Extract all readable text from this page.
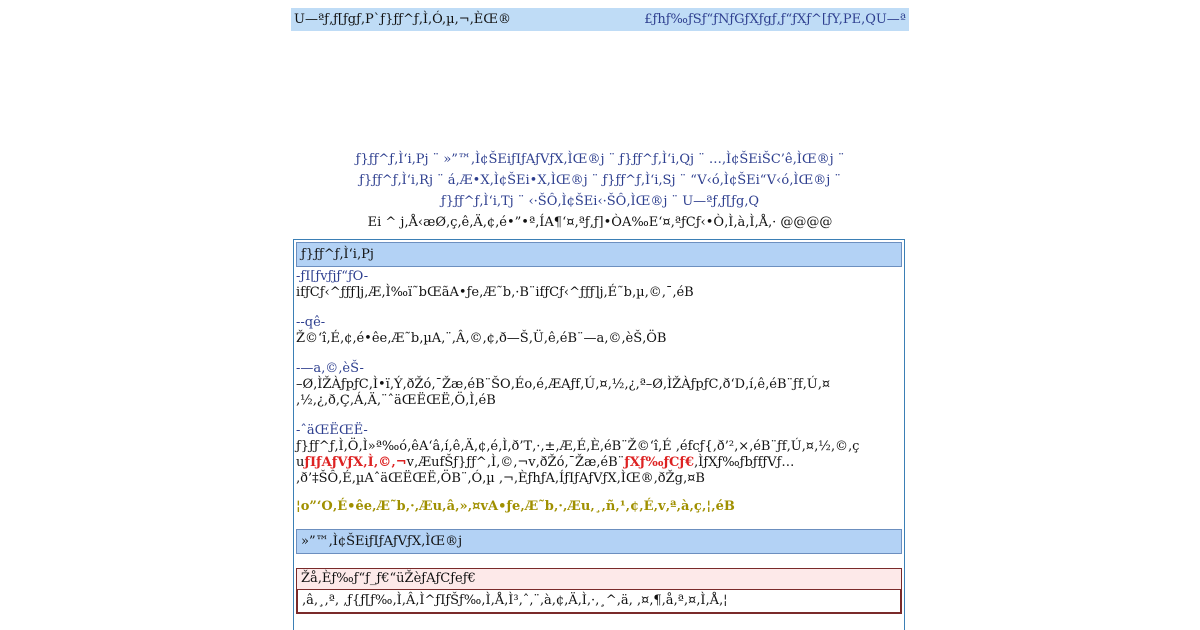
U—ªƒ‚ƒ[ƒgƒ‚P`ƒ}ƒƒ^ƒ‚Ì,Ó,µ,¬‚ÈŒ®	£ƒhƒ‰ƒSƒ“ƒNƒGƒXƒgƒ‚ƒ“ƒXƒ^[ƒY,PE,QU—ª
ƒ}ƒƒ^ƒ‚Ì‘i‚Pj ¨ »”™‚Ì¢ŠEiƒIƒAƒVƒX‚ÌŒ®j ¨ ƒ}ƒƒ^ƒ‚Ì‘i‚Qj ¨ …‚Ì¢ŠEiŠC’ê‚ÌŒ®j ¨
ƒ}ƒƒ^ƒ‚Ì‘i‚Rj ¨ á‚Æ•X‚Ì¢ŠEi•X‚ÌŒ®j ¨ ƒ}ƒƒ^ƒ‚Ì‘i‚Sj ¨ “V‹ó‚Ì¢ŠEi“V‹ó‚ÌŒ®j ¨
ƒ}ƒƒ^ƒ‚Ì‘i‚Tj ¨ ‹·ŠÔ‚Ì¢ŠEi‹·ŠÔ‚ÌŒ®j ¨ U—ªƒ‚ƒ[ƒg‚Q
Ei ^ j‚Å‹æØ‚ç‚ê‚Ä‚¢‚é•”•ª‚ÍA¶‘¤‚ªƒ‚ƒ]•ÒA‰E‘¤‚ªƒCƒ‹•Ò‚Ì‚à‚Ì‚Å‚· @@@@
ƒ}ƒƒ^ƒ‚Ì‘i‚Pj
-ƒI[ƒvƒjƒ“ƒO-
ifƒCƒ‹^ƒƒƒ]j‚Æ‚Ì‰ï˜bŒãA•ƒe‚Æ˜b‚·B¨ifƒCƒ‹^ƒƒƒ]j‚É˜b‚µ‚©‚¯‚éB
--qê-
Ž©‘î‚É‚¢‚é•êe‚Æ˜b‚µA‚¨‚Â‚©‚¢‚ð—Š‚Ü‚ê‚éB¨—a‚©‚èŠ‚ÖB
-—a‚©‚èŠ-
–Ø‚ÌŽÀƒpƒC‚Ì•ï‚Ý‚ðŽó‚¯Žæ‚éB¨ŠO‚Éo‚é‚ÆAƒf‚Ú‚¤‚½‚¿‚ª–Ø‚ÌŽÀƒpƒC‚ð‘D‚í‚ê‚éB¨ƒf‚Ú‚¤‚½‚¿‚ð‚Ç‚Á‚Ä‚¨ˆäŒËŒË‚Ö‚Ì‚éB
-ˆäŒËŒË-
ƒ}ƒƒ^ƒ‚Ì‚Ö‚Ì»ª‰ó‚êA‘â‚í‚ê‚Ä‚¢‚é‚Ì‚ð’T‚·‚±‚Æ‚É‚È‚éB¨Ž©‘î‚É ‚éfcƒ{‚ð’²‚×‚éB¨ƒf‚Ú‚¤‚½‚©‚ç uƒIƒAƒVƒX‚Ì‚©‚¬v‚ÆufŠƒ}ƒƒ^‚Ì‚©‚¬v‚ðŽó‚¯Žæ‚éB¨ƒXƒ‰ƒCƒ€‚ÌƒXƒ‰ƒbƒfƒVƒ… ‚ð’‡ŠÔ‚É‚µAˆäŒËŒË‚ÖB¨‚Ó‚µ ‚¬‚ÈƒhƒA‚ÍƒIƒAƒVƒX‚ÌŒ®‚ðŽg‚¤B
¦o”‘O‚É•êe‚Æ˜b‚·‚Æu‚â‚»‚¤vA•ƒe‚Æ˜b‚·‚Æu‚¸‚ñ‚¹‚¢‚É‚v‚ª‚à‚ç‚¦‚éB
»”™‚Ì¢ŠEiƒIƒAƒVƒX‚ÌŒ®j
Žå‚Èƒ‰ƒ“ƒ_ƒ€“üŽèƒAƒCƒeƒ€
‚â‚¸‚ª‚ ‚ƒ{ƒ[ƒ‰‚Ì‚Â‚Ì^ƒIƒŠƒ‰‚Ì‚Å‚Ì³‚ˆ‚¨‚à‚¢‚Ä‚Ì‚·‚¸^‚ä‚ ‚¤‚¶‚å‚ª‚¤‚Ì‚Å‚¦
